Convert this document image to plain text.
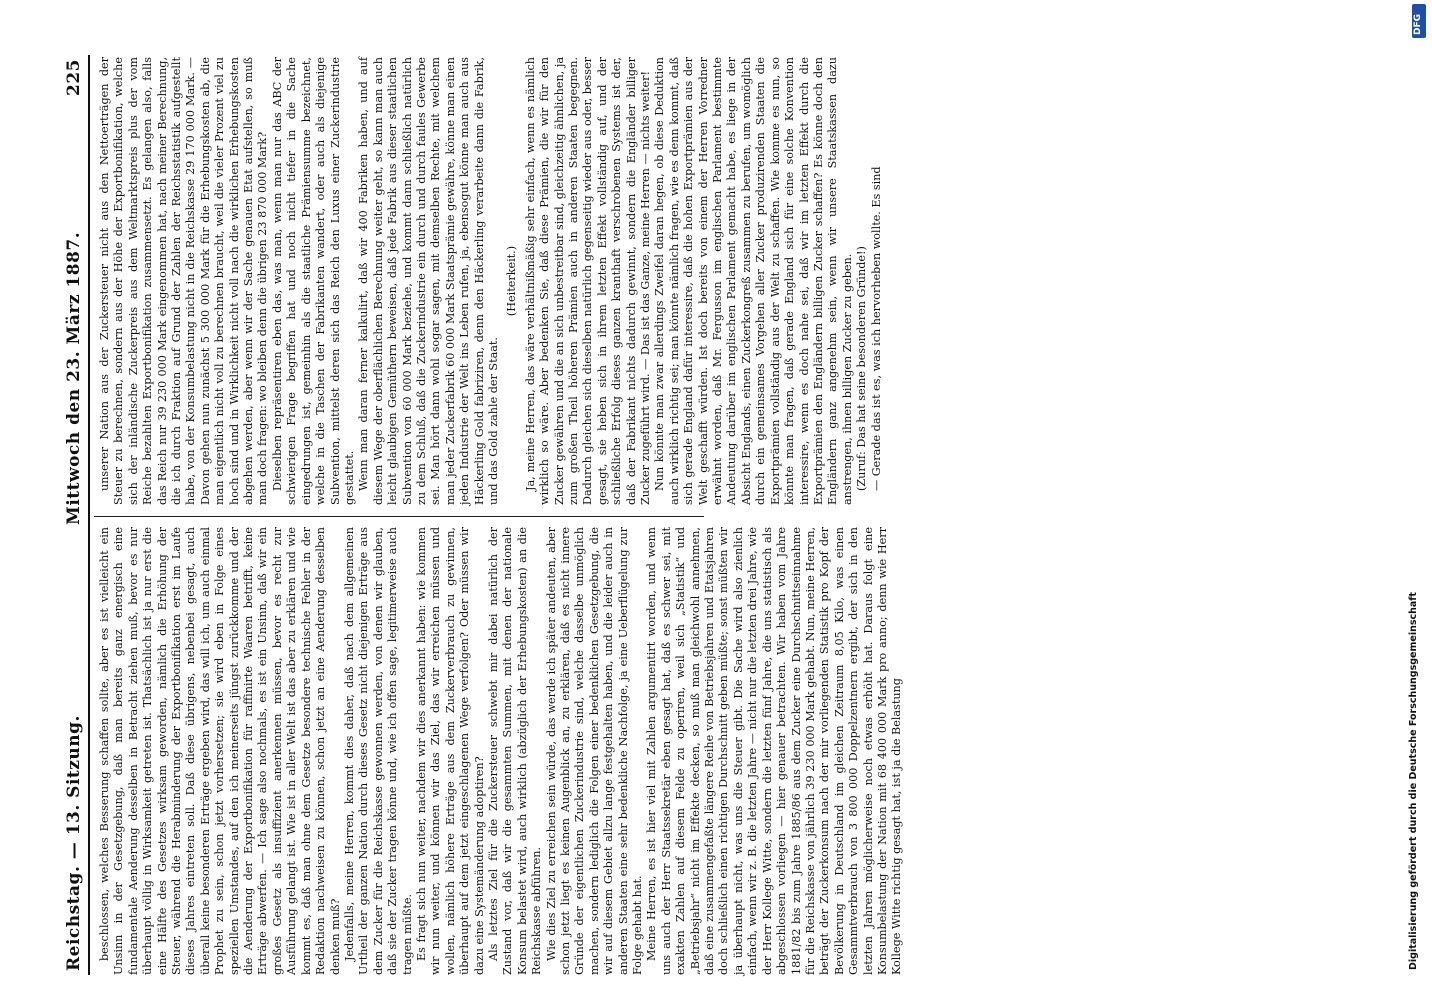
Reichstag. — 13. Sitzung.
Mittwoch den 23. März 1887.
225

beschlossen, welches Besserung schaffen sollte, aber es ist vielleicht ein Unsinn in der Gesetzgebung, daß man bereits ganz energisch eine fundamentale Aenderung desselben in Betracht ziehen muß, bevor es nur überhaupt völlig in Wirksamkeit getreten ist. Thatsächlich ist ja nur erst die eine Hälfte des Gesetzes wirksam geworden, nämlich die Erhöhung der Steuer, während die Herabminderung der Exportbonifikation erst im Laufe dieses Jahres eintreten soll. Daß diese übrigens, nebenbei gesagt, auch überall keine besonderen Erträge ergeben wird, das will ich, um auch einmal Prophet zu sein, schon jetzt vorhersetzen; sie wird eben in Folge eines speziellen Umstandes, auf den ich meinerseits jüngst zurückkomme und der die Aenderung der Exportbonifikation für raffinirte Waaren betrifft, keine Erträge abwerfen. — Ich sage also nochmals, es ist ein Unsinn, daß wir ein großes Gesetz als insuffizient anerkennen müssen, bevor es recht zur Ausführung gelangt ist. Wie ist in aller Welt ist das aber zu erklären und wie kommt es, daß man ohne dem Gesetze besondere technische Fehler in der Redaktion nachweisen zu können, schon jetzt an eine Aenderung desselben denken muß? Jedenfalls, meine Herren, kommt dies daher, daß nach dem allgemeinen Urtheil der ganzen Nation durch dieses Gesetz nicht diejenigen Erträge aus dem Zucker für die Reichskasse gewonnen werden, von denen wir glauben, daß sie der Zucker tragen könne und, wie ich offen sage, legitimerweise auch tragen müßte. Es fragt sich nun weiter, nachdem wir dies anerkannt haben: wie kommen wir nun weiter, und können wir das Ziel, das wir erreichen müssen und wollen, nämlich höhere Erträge aus dem Zuckerverbrauch zu gewinnen, überhaupt auf dem jetzt eingeschlagenen Wege verfolgen? Oder müssen wir dazu eine Systemänderung adoptiren? Als letztes Ziel für die Zuckersteuer schwebt mir dabei natürlich der Zustand vor, daß wir die gesammten Summen, mit denen der nationale Konsum belastet wird, auch wirklich (abzüglich der Erhebungskosten) an die Reichskasse abführen. Wie dies Ziel zu erreichen sein würde, das werde ich später andeuten, aber schon jetzt liegt es keinen Augenblick an, zu erklären, daß es nicht innere Gründe der eigentlichen Zuckerindustrie sind, welche dasselbe unmöglich machen, sondern lediglich die Folgen einer bedenklichen Gesetzgebung, die wir auf diesem Gebiet allzu lange festgehalten haben, und die leider auch in anderen Staaten eine sehr bedenkliche Nachfolge, ja eine Ueberflügelung zur Folge gehabt hat. Meine Herren, es ist hier viel mit Zahlen argumentirt worden, und wenn uns auch der Herr Staatssekretär eben gesagt hat, daß es schwer sei, mit exakten Zahlen auf diesem Felde zu operiren, weil sich „Statistik“ und „Betriebsjahr“ nicht im Effekte decken, so muß man gleichwohl annehmen, daß eine zusammengefaßte längere Reihe von Betriebsjahren und Etatsjahren doch schließlich einen richtigen Durchschnitt geben müßte; sonst müßten wir ja überhaupt nicht, was uns die Steuer gibt. Die Sache wird also zienlich einfach, wenn wir z. B. die letzten Jahre — nicht nur die letzten drei Jahre, wie der Herr Kollege Witte, sondern die letzten fünf Jahre, die uns statistisch als abgeschlossen vorliegen — hier genauer betrachten. Wir haben vom Jahre 1881/82 bis zum Jahre 1885/86 aus dem Zucker eine Durchschnittseinnahme für die Reichskasse von jährlich 39 230 000 Mark gehabt. Nun, meine Herren, beträgt der Zuckerkonsum nach der mir vorliegenden Statistik pro Kopf der Bevölkerung in Deutschland im gleichen Zeitraum 8,05 Kilo, was einen Gesammtverbrauch von 3 800 000 Doppelzentnern ergibt, der sich in den letzten Jahren möglicherweise noch etwas erhöht hat. Daraus folgt eine Konsumbelastung der Nation mit 68 400 000 Mark pro anno; denn wie Herr Kollege Witte richtig gesagt hat, ist ja die Belastung

unserer Nation aus der Zuckersteuer nicht aus den Nettoerträgen der Steuer zu berechnen, sondern aus der Höhe der Exportbonifikation, welche sich der inländische Zuckerpreis aus dem Weltmarktspreis plus der vom Reiche bezahlten Exportbonifikation zusammensetzt. Es gelangen also, falls das Reich nur 39 230 000 Mark eingenommen hat, nach meiner Berechnung, die ich durch Fraktion auf Grund der Zahlen der Reichsstatistik aufgestellt habe, von der Konsumbelastung nicht in die Reichskasse 29 170 000 Mark. — Davon gehen nun zunächst 5 300 000 Mark für die Erhebungskosten ab, die man eigentlich nicht voll zu berechnen braucht, weil die vieler Prozent viel zu hoch sind und in Wirklichkeit nicht voll nach die wirklichen Erhebungskosten abgehen werden, aber wenn wir der Sache genauen Etat aufstellen, so muß man doch fragen: wo bleiben denn die übrigen 23 870 000 Mark? Dieselben repräsentiren eben das, was man, wenn man nur das ABC der schwierigen Frage begriffen hat und noch nicht tiefer in die Sache eingedrungen ist, gemeinhin als die staatliche Prämiensumme bezeichnet, welche in die Taschen der Fabrikanten wandert, oder auch als diejenige Subvention, mittelst deren sich das Reich den Luxus einer Zuckerindustrie gestattet. Wenn man daran ferner kalkulirt, daß wir 400 Fabriken haben, und auf diesem Wege der oberflächlichen Berechnung weiter geht, so kann man auch leicht glaubigen Gemüthern beweisen, daß jede Fabrik aus dieser staatlichen Subvention von 60 000 Mark beziehe, und kommt dann schließlich natürlich zu dem Schluß, daß die Zuckerindustrie ein durch und durch faules Gewerbe sei. Man hört dann wohl sogar sagen, mit demselben Rechte, mit welchem man jeder Zuckerfabrik 60 000 Mark Staatsprämie gewähre, könne man einen jeden Industrie der Welt ins Leben rufen, ja, ebensogut könne man auch aus Häckerling Gold fabriziren, denn den Häckerling verarbeite dann die Fabrik, und das Gold zahle der Staat.

(Heiterkeit.) Ja, meine Herren, das wäre verhältnißmäßig sehr einfach, wenn es nämlich wirklich so wäre. Aber bedenken Sie, daß diese Prämien, die wir für den Zucker gewähren und die an sich unbestreitbar sind, gleichzeitig ähnlichen, ja zum großen Theil höheren Prämien auch in anderen Staaten begegnen. Dadurch gleichen sich dieselben natürlich gegenseitig wieder aus oder, besser gesagt, sie heben sich in ihrem letzten Effekt vollständig auf, und der schließliche Erfolg dieses ganzen kranthaft verschrobenen Systems ist der, daß der Fabrikant nichts dadurch gewinnt, sondern die Engländer billiger Zucker zugeführt wird. — Das ist das Ganze, meine Herren — nichts weiter! Nun könnte man zwar allerdings Zweifel daran hegen, ob diese Deduktion auch wirklich richtig sei; man könnte nämlich fragen, wie es denn kommt, daß sich gerade England dafür interessire, daß die hohen Exportprämien aus der Welt geschafft würden. Ist doch bereits von einem der Herren Vorredner erwähnt worden, daß Mr. Fergusson im englischen Parlament bestimmte Andeutung darüber im englischen Parlament gemacht habe, es liege in der Absicht Englands, einen Zuckerkongreß zusammen zu berufen, um womöglich durch ein gemeinsames Vorgehen aller Zucker produzirenden Staaten die Exportprämien vollständig aus der Welt zu schaffen. Wie komme es nun, so könnte man fragen, daß gerade England sich für eine solche Konvention interessire, wenn es doch nahe sei, daß wir im letzten Effekt durch die Exportprämien den Engländern billigen Zucker schaffen? Es könne doch den Engländern ganz angenehm sein, wenn wir unsere Staatskassen dazu anstrengen, ihnen billigen Zucker zu geben. (Zuruf: Das hat seine besonderen Gründe!) — Gerade das ist es, was ich hervorheben wollte. Es sind

Digitalisierung gefördert durch die Deutsche Forschungsgemeinschaft
DFG
